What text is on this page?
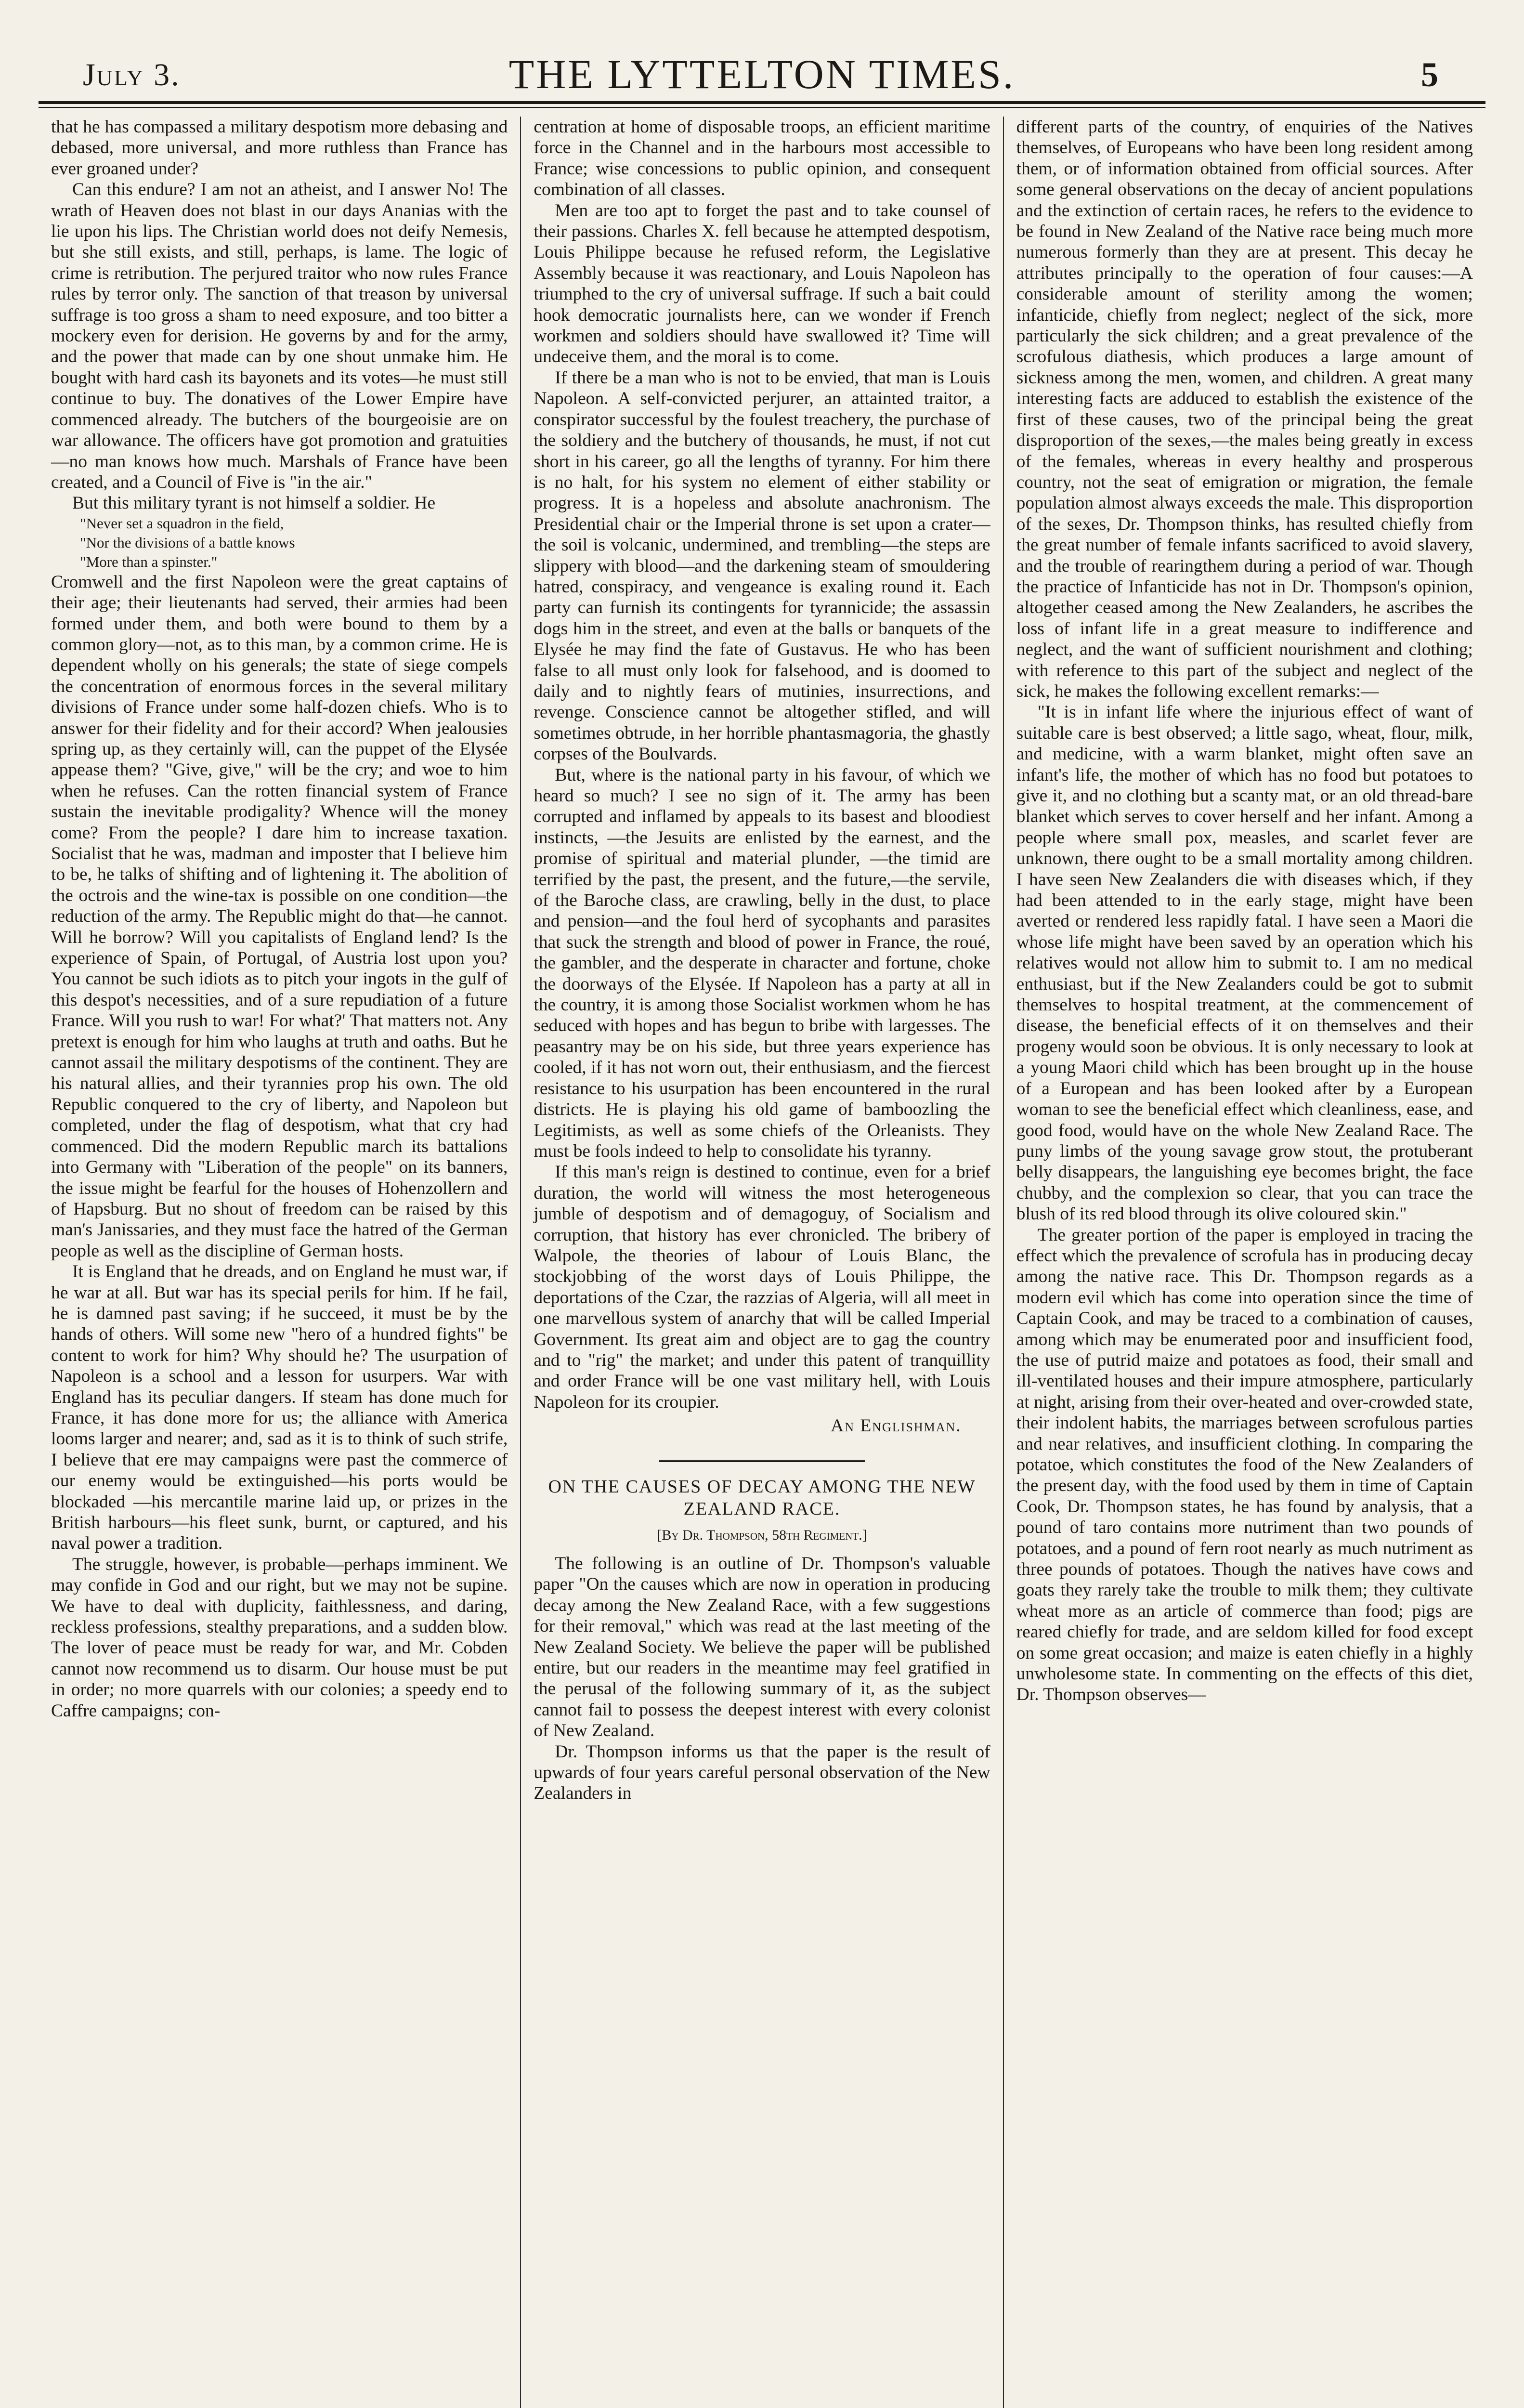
July 3.	THE LYTTELTON TIMES.	5

that he has compassed a military despotism more debasing and debased, more universal, and more ruthless than France has ever groaned under?

Can this endure? I am not an atheist, and I answer No! The wrath of Heaven does not blast in our days Ananias with the lie upon his lips. The Christian world does not deify Nemesis, but she still exists, and still, perhaps, is lame. The logic of crime is retribution. The perjured traitor who now rules France rules by terror only. The sanction of that treason by universal suffrage is too gross a sham to need exposure, and too bitter a mockery even for derision. He governs by and for the army, and the power that made can by one shout unmake him. He bought with hard cash its bayonets and its votes—he must still continue to buy. The donatives of the Lower Empire have commenced already. The butchers of the bourgeoisie are on war allowance. The officers have got promotion and gratuities—no man knows how much. Marshals of France have been created, and a Council of Five is "in the air."

But this military tyrant is not himself a soldier. He

"Never set a squadron in the field,
"Nor the divisions of a battle knows
"More than a spinster."

Cromwell and the first Napoleon were the great captains of their age; their lieutenants had served, their armies had been formed under them, and both were bound to them by a common glory—not, as to this man, by a common crime. He is dependent wholly on his generals; the state of siege compels the concentration of enormous forces in the several military divisions of France under some half-dozen chiefs. Who is to answer for their fidelity and for their accord? When jealousies spring up, as they certainly will, can the puppet of the Elysée appease them? "Give, give," will be the cry; and woe to him when he refuses. Can the rotten financial system of France sustain the inevitable prodigality? Whence will the money come? From the people? I dare him to increase taxation. Socialist that he was, madman and imposter that I believe him to be, he talks of shifting and of lightening it. The abolition of the octrois and the wine-tax is possible on one condition—the reduction of the army. The Republic might do that—he cannot. Will he borrow? Will you capitalists of England lend? Is the experience of Spain, of Portugal, of Austria lost upon you? You cannot be such idiots as to pitch your ingots in the gulf of this despot's necessities, and of a sure repudiation of a future France. Will you rush to war! For what?' That matters not. Any pretext is enough for him who laughs at truth and oaths. But he cannot assail the military despotisms of the continent. They are his natural allies, and their tyrannies prop his own. The old Republic conquered to the cry of liberty, and Napoleon but completed, under the flag of despotism, what that cry had commenced. Did the modern Republic march its battalions into Germany with "Liberation of the people" on its banners, the issue might be fearful for the houses of Hohenzollern and of Hapsburg. But no shout of freedom can be raised by this man's Janissaries, and they must face the hatred of the German people as well as the discipline of German hosts.

It is England that he dreads, and on England he must war, if he war at all. But war has its special perils for him. If he fail, he is damned past saving; if he succeed, it must be by the hands of others. Will some new "hero of a hundred fights" be content to work for him? Why should he? The usurpation of Napoleon is a school and a lesson for usurpers. War with England has its peculiar dangers. If steam has done much for France, it has done more for us; the alliance with America looms larger and nearer; and, sad as it is to think of such strife, I believe that ere may campaigns were past the commerce of our enemy would be extinguished—his ports would be blockaded —his mercantile marine laid up, or prizes in the British harbours—his fleet sunk, burnt, or captured, and his naval power a tradition.

The struggle, however, is probable—perhaps imminent. We may confide in God and our right, but we may not be supine. We have to deal with duplicity, faithlessness, and daring, reckless professions, stealthy preparations, and a sudden blow. The lover of peace must be ready for war, and Mr. Cobden cannot now recommend us to disarm. Our house must be put in order; no more quarrels with our colonies; a speedy end to Caffre campaigns; con-

centration at home of disposable troops, an efficient maritime force in the Channel and in the harbours most accessible to France; wise concessions to public opinion, and consequent combination of all classes.

Men are too apt to forget the past and to take counsel of their passions. Charles X. fell because he attempted despotism, Louis Philippe because he refused reform, the Legislative Assembly because it was reactionary, and Louis Napoleon has triumphed to the cry of universal suffrage. If such a bait could hook democratic journalists here, can we wonder if French workmen and soldiers should have swallowed it? Time will undeceive them, and the moral is to come.

If there be a man who is not to be envied, that man is Louis Napoleon. A self-convicted perjurer, an attainted traitor, a conspirator successful by the foulest treachery, the purchase of the soldiery and the butchery of thousands, he must, if not cut short in his career, go all the lengths of tyranny. For him there is no halt, for his system no element of either stability or progress. It is a hopeless and absolute anachronism. The Presidential chair or the Imperial throne is set upon a crater—the soil is volcanic, undermined, and trembling—the steps are slippery with blood—and the darkening steam of smouldering hatred, conspiracy, and vengeance is exaling round it. Each party can furnish its contingents for tyrannicide; the assassin dogs him in the street, and even at the balls or banquets of the Elysée he may find the fate of Gustavus. He who has been false to all must only look for falsehood, and is doomed to daily and to nightly fears of mutinies, insurrections, and revenge. Conscience cannot be altogether stifled, and will sometimes obtrude, in her horrible phantasmagoria, the ghastly corpses of the Boulvards.

But, where is the national party in his favour, of which we heard so much? I see no sign of it. The army has been corrupted and inflamed by appeals to its basest and bloodiest instincts, —the Jesuits are enlisted by the earnest, and the promise of spiritual and material plunder, —the timid are terrified by the past, the present, and the future,—the servile, of the Baroche class, are crawling, belly in the dust, to place and pension—and the foul herd of sycophants and parasites that suck the strength and blood of power in France, the roué, the gambler, and the desperate in character and fortune, choke the doorways of the Elysée. If Napoleon has a party at all in the country, it is among those Socialist workmen whom he has seduced with hopes and has begun to bribe with largesses. The peasantry may be on his side, but three years experience has cooled, if it has not worn out, their enthusiasm, and the fiercest resistance to his usurpation has been encountered in the rural districts. He is playing his old game of bamboozling the Legitimists, as well as some chiefs of the Orleanists. They must be fools indeed to help to consolidate his tyranny.

If this man's reign is destined to continue, even for a brief duration, the world will witness the most heterogeneous jumble of despotism and of demagoguy, of Socialism and corruption, that history has ever chronicled. The bribery of Walpole, the theories of labour of Louis Blanc, the stockjobbing of the worst days of Louis Philippe, the deportations of the Czar, the razzias of Algeria, will all meet in one marvellous system of anarchy that will be called Imperial Government. Its great aim and object are to gag the country and to "rig" the market; and under this patent of tranquillity and order France will be one vast military hell, with Louis Napoleon for its croupier.

An Englishman.
ON THE CAUSES OF DECAY AMONG THE NEW ZEALAND RACE.
[By Dr. Thompson, 58th Regiment.]

The following is an outline of Dr. Thompson's valuable paper "On the causes which are now in operation in producing decay among the New Zealand Race, with a few suggestions for their removal," which was read at the last meeting of the New Zealand Society. We believe the paper will be published entire, but our readers in the meantime may feel gratified in the perusal of the following summary of it, as the subject cannot fail to possess the deepest interest with every colonist of New Zealand.

Dr. Thompson informs us that the paper is the result of upwards of four years careful personal observation of the New Zealanders in

different parts of the country, of enquiries of the Natives themselves, of Europeans who have been long resident among them, or of information obtained from official sources. After some general observations on the decay of ancient populations and the extinction of certain races, he refers to the evidence to be found in New Zealand of the Native race being much more numerous formerly than they are at present. This decay he attributes principally to the operation of four causes:—A considerable amount of sterility among the women; infanticide, chiefly from neglect; neglect of the sick, more particularly the sick children; and a great prevalence of the scrofulous diathesis, which produces a large amount of sickness among the men, women, and children. A great many interesting facts are adduced to establish the existence of the first of these causes, two of the principal being the great disproportion of the sexes,—the males being greatly in excess of the females, whereas in every healthy and prosperous country, not the seat of emigration or migration, the female population almost always exceeds the male. This disproportion of the sexes, Dr. Thompson thinks, has resulted chiefly from the great number of female infants sacrificed to avoid slavery, and the trouble of rearingthem during a period of war. Though the practice of Infanticide has not in Dr. Thompson's opinion, altogether ceased among the New Zealanders, he ascribes the loss of infant life in a great measure to indifference and neglect, and the want of sufficient nourishment and clothing; with reference to this part of the subject and neglect of the sick, he makes the following excellent remarks:—

"It is in infant life where the injurious effect of want of suitable care is best observed; a little sago, wheat, flour, milk, and medicine, with a warm blanket, might often save an infant's life, the mother of which has no food but potatoes to give it, and no clothing but a scanty mat, or an old thread-bare blanket which serves to cover herself and her infant. Among a people where small pox, measles, and scarlet fever are unknown, there ought to be a small mortality among children. I have seen New Zealanders die with diseases which, if they had been attended to in the early stage, might have been averted or rendered less rapidly fatal. I have seen a Maori die whose life might have been saved by an operation which his relatives would not allow him to submit to. I am no medical enthusiast, but if the New Zealanders could be got to submit themselves to hospital treatment, at the commencement of disease, the beneficial effects of it on themselves and their progeny would soon be obvious. It is only necessary to look at a young Maori child which has been brought up in the house of a European and has been looked after by a European woman to see the beneficial effect which cleanliness, ease, and good food, would have on the whole New Zealand Race. The puny limbs of the young savage grow stout, the protuberant belly disappears, the languishing eye becomes bright, the face chubby, and the complexion so clear, that you can trace the blush of its red blood through its olive coloured skin."

The greater portion of the paper is employed in tracing the effect which the prevalence of scrofula has in producing decay among the native race. This Dr. Thompson regards as a modern evil which has come into operation since the time of Captain Cook, and may be traced to a combination of causes, among which may be enumerated poor and insufficient food, the use of putrid maize and potatoes as food, their small and ill-ventilated houses and their impure atmosphere, particularly at night, arising from their over-heated and over-crowded state, their indolent habits, the marriages between scrofulous parties and near relatives, and insufficient clothing. In comparing the potatoe, which constitutes the food of the New Zealanders of the present day, with the food used by them in time of Captain Cook, Dr. Thompson states, he has found by analysis, that a pound of taro contains more nutriment than two pounds of potatoes, and a pound of fern root nearly as much nutriment as three pounds of potatoes. Though the natives have cows and goats they rarely take the trouble to milk them; they cultivate wheat more as an article of commerce than food; pigs are reared chiefly for trade, and are seldom killed for food except on some great occasion; and maize is eaten chiefly in a highly unwholesome state. In commenting on the effects of this diet, Dr. Thompson observes—
